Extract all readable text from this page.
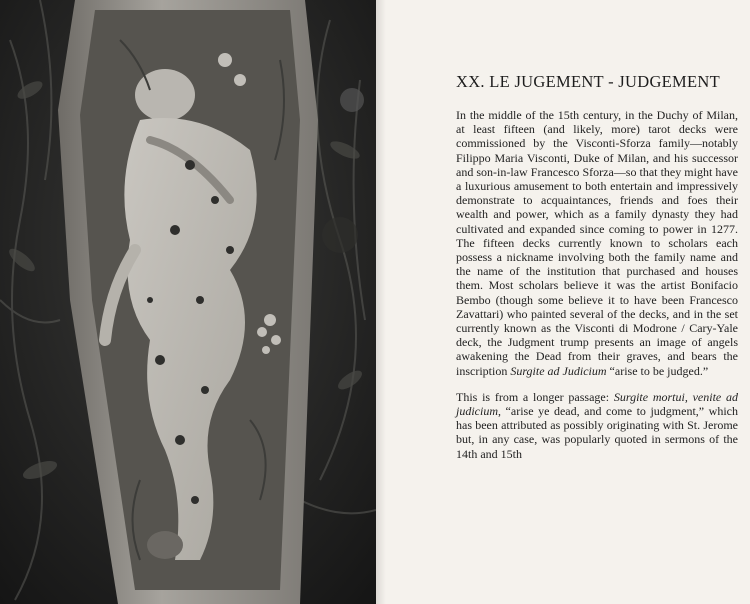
XX. LE JUGEMENT - JUDGEMENT

In the middle of the 15th century, in the Duchy of Milan, at least fifteen (and likely, more) tarot decks were commissioned by the Visconti-Sforza family—notably Filippo Maria Visconti, Duke of Milan, and his successor and son-in-law Francesco Sforza—so that they might have a luxurious amusement to both entertain and impressively demonstrate to acquaintances, friends and foes their wealth and power, which as a family dynasty they had cultivated and expanded since coming to power in 1277. The fifteen decks currently known to scholars each possess a nickname involving both the family name and the name of the institution that purchased and houses them. Most scholars believe it was the artist Bonifacio Bembo (though some believe it to have been Francesco Zavattari) who painted several of the decks, and in the set currently known as the Visconti di Modrone / Cary-Yale deck, the Judgment trump presents an image of angels awakening the Dead from their graves, and bears the inscription Surgite ad Judicium “arise to be judged.”

This is from a longer passage: Surgite mortui, venite ad judicium, “arise ye dead, and come to judgment,” which has been attributed as possibly originating with St. Jerome but, in any case, was popularly quoted in sermons of the 14th and 15th
